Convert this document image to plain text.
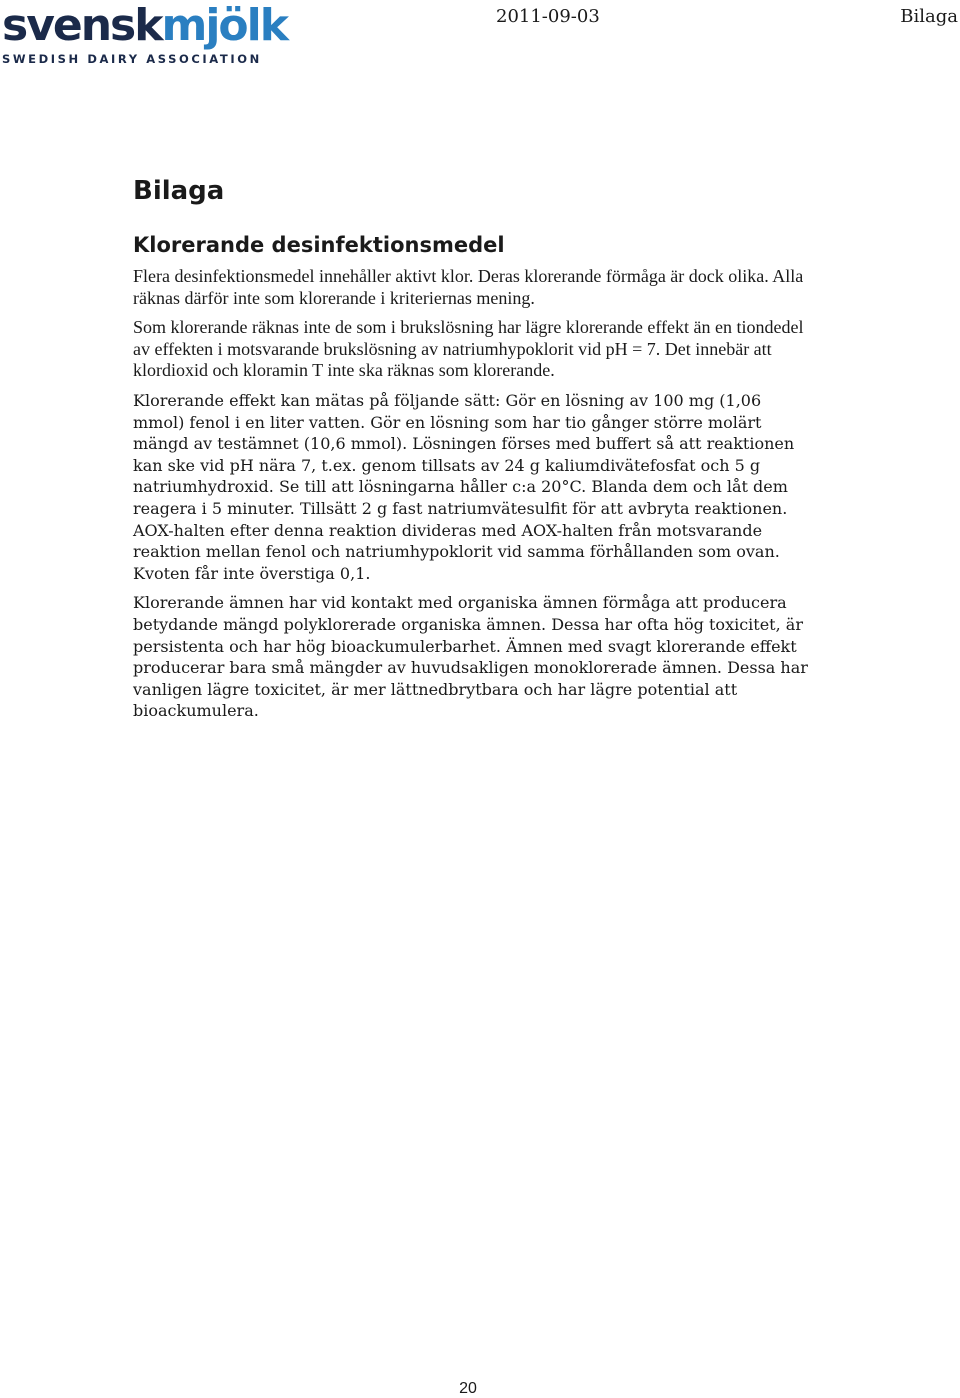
svenskmjölk
SWEDISH DAIRY ASSOCIATION
2011-09-03	Bilaga
Bilaga
Klorerande desinfektionsmedel

Flera desinfektionsmedel innehåller aktivt klor. Deras klorerande förmåga är dock olika. Alla räknas därför inte som klorerande i kriteriernas mening.

Som klorerande räknas inte de som i brukslösning har lägre klorerande effekt än en tiondedel av effekten i motsvarande brukslösning av natriumhypoklorit vid pH = 7. Det innebär att klordioxid och kloramin T inte ska räknas som klorerande.

Klorerande effekt kan mätas på följande sätt: Gör en lösning av 100 mg (1,06 mmol) fenol i en liter vatten. Gör en lösning som har tio gånger större molärt mängd av testämnet (10,6 mmol). Lösningen förses med buffert så att reaktionen kan ske vid pH nära 7, t.ex. genom tillsats av 24 g kaliumdivätefosfat och 5 g natriumhydroxid. Se till att lösningarna håller c:a 20°C. Blanda dem och låt dem reagera i 5 minuter. Tillsätt 2 g fast natriumvätesulfit för att avbryta reaktionen. AOX-halten efter denna reaktion divideras med AOX-halten från motsvarande reaktion mellan fenol och natriumhypoklorit vid samma förhållanden som ovan. Kvoten får inte överstiga 0,1.

Klorerande ämnen har vid kontakt med organiska ämnen förmåga att producera betydande mängd polyklorerade organiska ämnen. Dessa har ofta hög toxicitet, är persistenta och har hög bioackumulerbarhet. Ämnen med svagt klorerande effekt producerar bara små mängder av huvudsakligen monoklorerade ämnen. Dessa har vanligen lägre toxicitet, är mer lättnedbrytbara och har lägre potential att bioackumulera.

20
